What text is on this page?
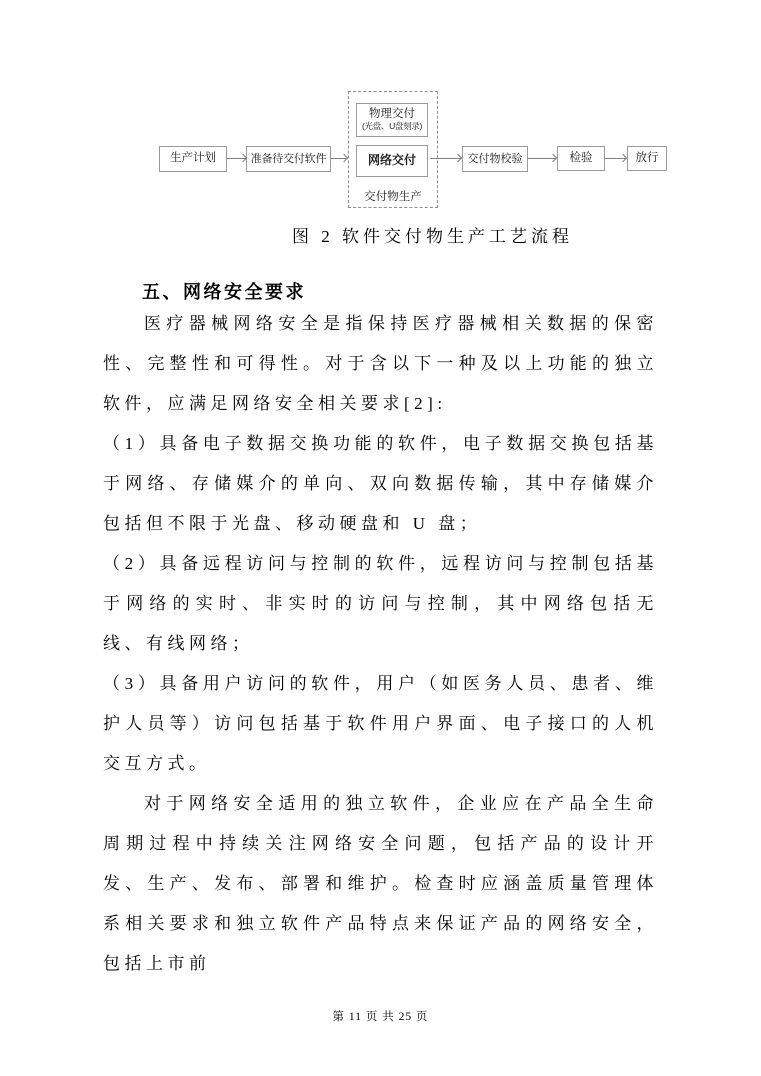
生产计划	准备待交付软件
物理交付
(光盘、U盘刻录)
网络交付
交付物生产
交付物校验	检验	放行
图 2 软件交付物生产工艺流程
五、网络安全要求

医疗器械网络安全是指保持医疗器械相关数据的保密性、完整性和可得性。对于含以下一种及以上功能的独立软件，应满足网络安全相关要求[2]:

（1）具备电子数据交换功能的软件，电子数据交换包括基于网络、存储媒介的单向、双向数据传输，其中存储媒介包括但不限于光盘、移动硬盘和 U 盘；

（2）具备远程访问与控制的软件，远程访问与控制包括基于网络的实时、非实时的访问与控制，其中网络包括无线、有线网络；

（3）具备用户访问的软件，用户（如医务人员、患者、维护人员等）访问包括基于软件用户界面、电子接口的人机交互方式。

对于网络安全适用的独立软件，企业应在产品全生命周期过程中持续关注网络安全问题，包括产品的设计开发、生产、发布、部署和维护。检查时应涵盖质量管理体系相关要求和独立软件产品特点来保证产品的网络安全，包括上市前

第 11 页 共 25 页
